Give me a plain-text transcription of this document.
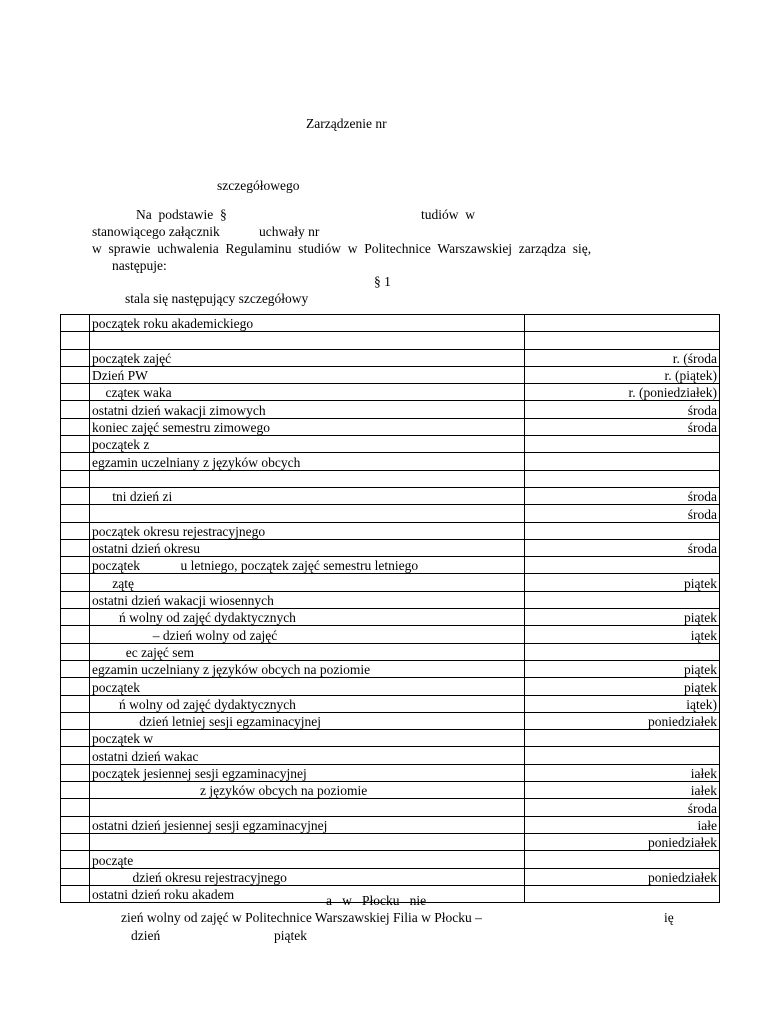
Zarządzenie nr
szczegółowego
Na  podstawie  §	tudiów  w
stanowiącego załącznik	uchwały nr
w  sprawie  uchwalenia  Regulaminu  studiów  w  Politechnice  Warszawskiej  zarządza  się,
następuje:
§ 1
stala się następujący szczegółowy
	początek roku akademickiego	

	początek zajęć	r. (środa
	Dzień PW	r. (piątek)
	cząteк waka	r. (poniedziałek)
	ostatni dzień wakacji zimowych	środa
	koniec zajęć semestru zimowego	środa
	początek z	
	egzamin uczelniany z języków obcych	

	tni dzień zi	środa
		środa
	początek okresu rejestracyjnego	
	ostatni dzień okresu	środa
	początek            u letniego, początek zajęć semestru letniego	
	zątę	piątek
	ostatni dzień wakacji wiosennych	
	ń wolny od zajęć dydaktycznych	piątek
	– dzień wolny od zajęć	iątek
	ec zajęć sem	
	egzamin uczelniany z języków obcych na poziomie	piątek
	początek	piątek
	ń wolny od zajęć dydaktycznych	iątek)
	dzień letniej sesji egzaminacyjnej	poniedziałek
	początek w	
	ostatni dzień wakac	
	początek jesiennej sesji egzaminacyjnej	iałek
	z języków obcych na poziomie	iałek
		środa
	ostatni dzień jesiennej sesji egzaminacyjnej	iałe
		poniedziałek
	począte	
	dzień okresu rejestracyjnego	poniedziałek
	ostatni dzień roku akadem		a   w   Płocku   nie
zień wolny od zajęć w Politechnice Warszawskiej Filia w Płocku –	ię
dzień	piątek
